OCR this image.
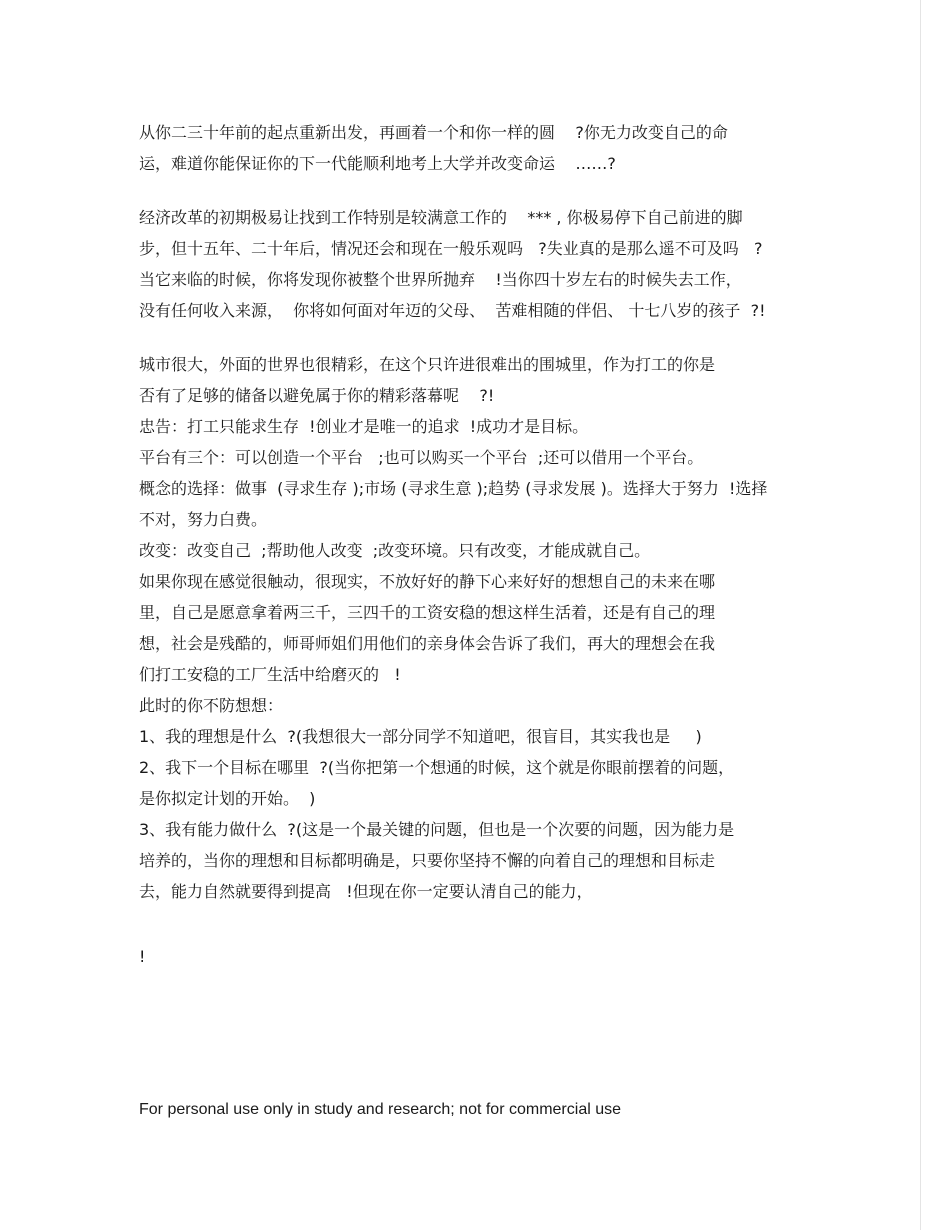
从你二三十年前的起点重新出发，再画着一个和你一样的圆    ?你无力改变自己的命
运，难道你能保证你的下一代能顺利地考上大学并改变命运    ……?
经济改革的初期极易让找到工作特别是较满意工作的    *** , 你极易停下自己前进的脚
步，但十五年、二十年后，情况还会和现在一般乐观吗   ?失业真的是那么遥不可及吗   ?
当它来临的时候，你将发现你被整个世界所抛弃    !当你四十岁左右的时候失去工作，
没有任何收入来源，  你将如何面对年迈的父母、  苦难相随的伴侣、 十七八岁的孩子  ?!
城市很大，外面的世界也很精彩，在这个只许进很难出的围城里，作为打工的你是
否有了足够的储备以避免属于你的精彩落幕呢    ?!
忠告：打工只能求生存  !创业才是唯一的追求  !成功才是目标。
平台有三个：可以创造一个平台   ;也可以购买一个平台  ;还可以借用一个平台。
概念的选择：做事  (寻求生存 );市场 (寻求生意 );趋势 (寻求发展 )。选择大于努力  !选择
不对，努力白费。
改变：改变自己  ;帮助他人改变  ;改变环境。只有改变，才能成就自己。
如果你现在感觉很触动，很现实，不放好好的静下心来好好的想想自己的未来在哪
里，自己是愿意拿着两三千，三四千的工资安稳的想这样生活着，还是有自己的理
想，社会是残酷的，师哥师姐们用他们的亲身体会告诉了我们，再大的理想会在我
们打工安稳的工厂生活中给磨灭的   !
此时的你不防想想：
1、我的理想是什么  ?(我想很大一部分同学不知道吧，很盲目，其实我也是     )
2、我下一个目标在哪里  ?(当你把第一个想通的时候，这个就是你眼前摆着的问题，
是你拟定计划的开始。  )
3、我有能力做什么  ?(这是一个最关键的问题，但也是一个次要的问题，因为能力是
培养的，当你的理想和目标都明确是，只要你坚持不懈的向着自己的理想和目标走
去，能力自然就要得到提高   !但现在你一定要认清自己的能力，
!
For personal use only in study and research; not for commercial use
